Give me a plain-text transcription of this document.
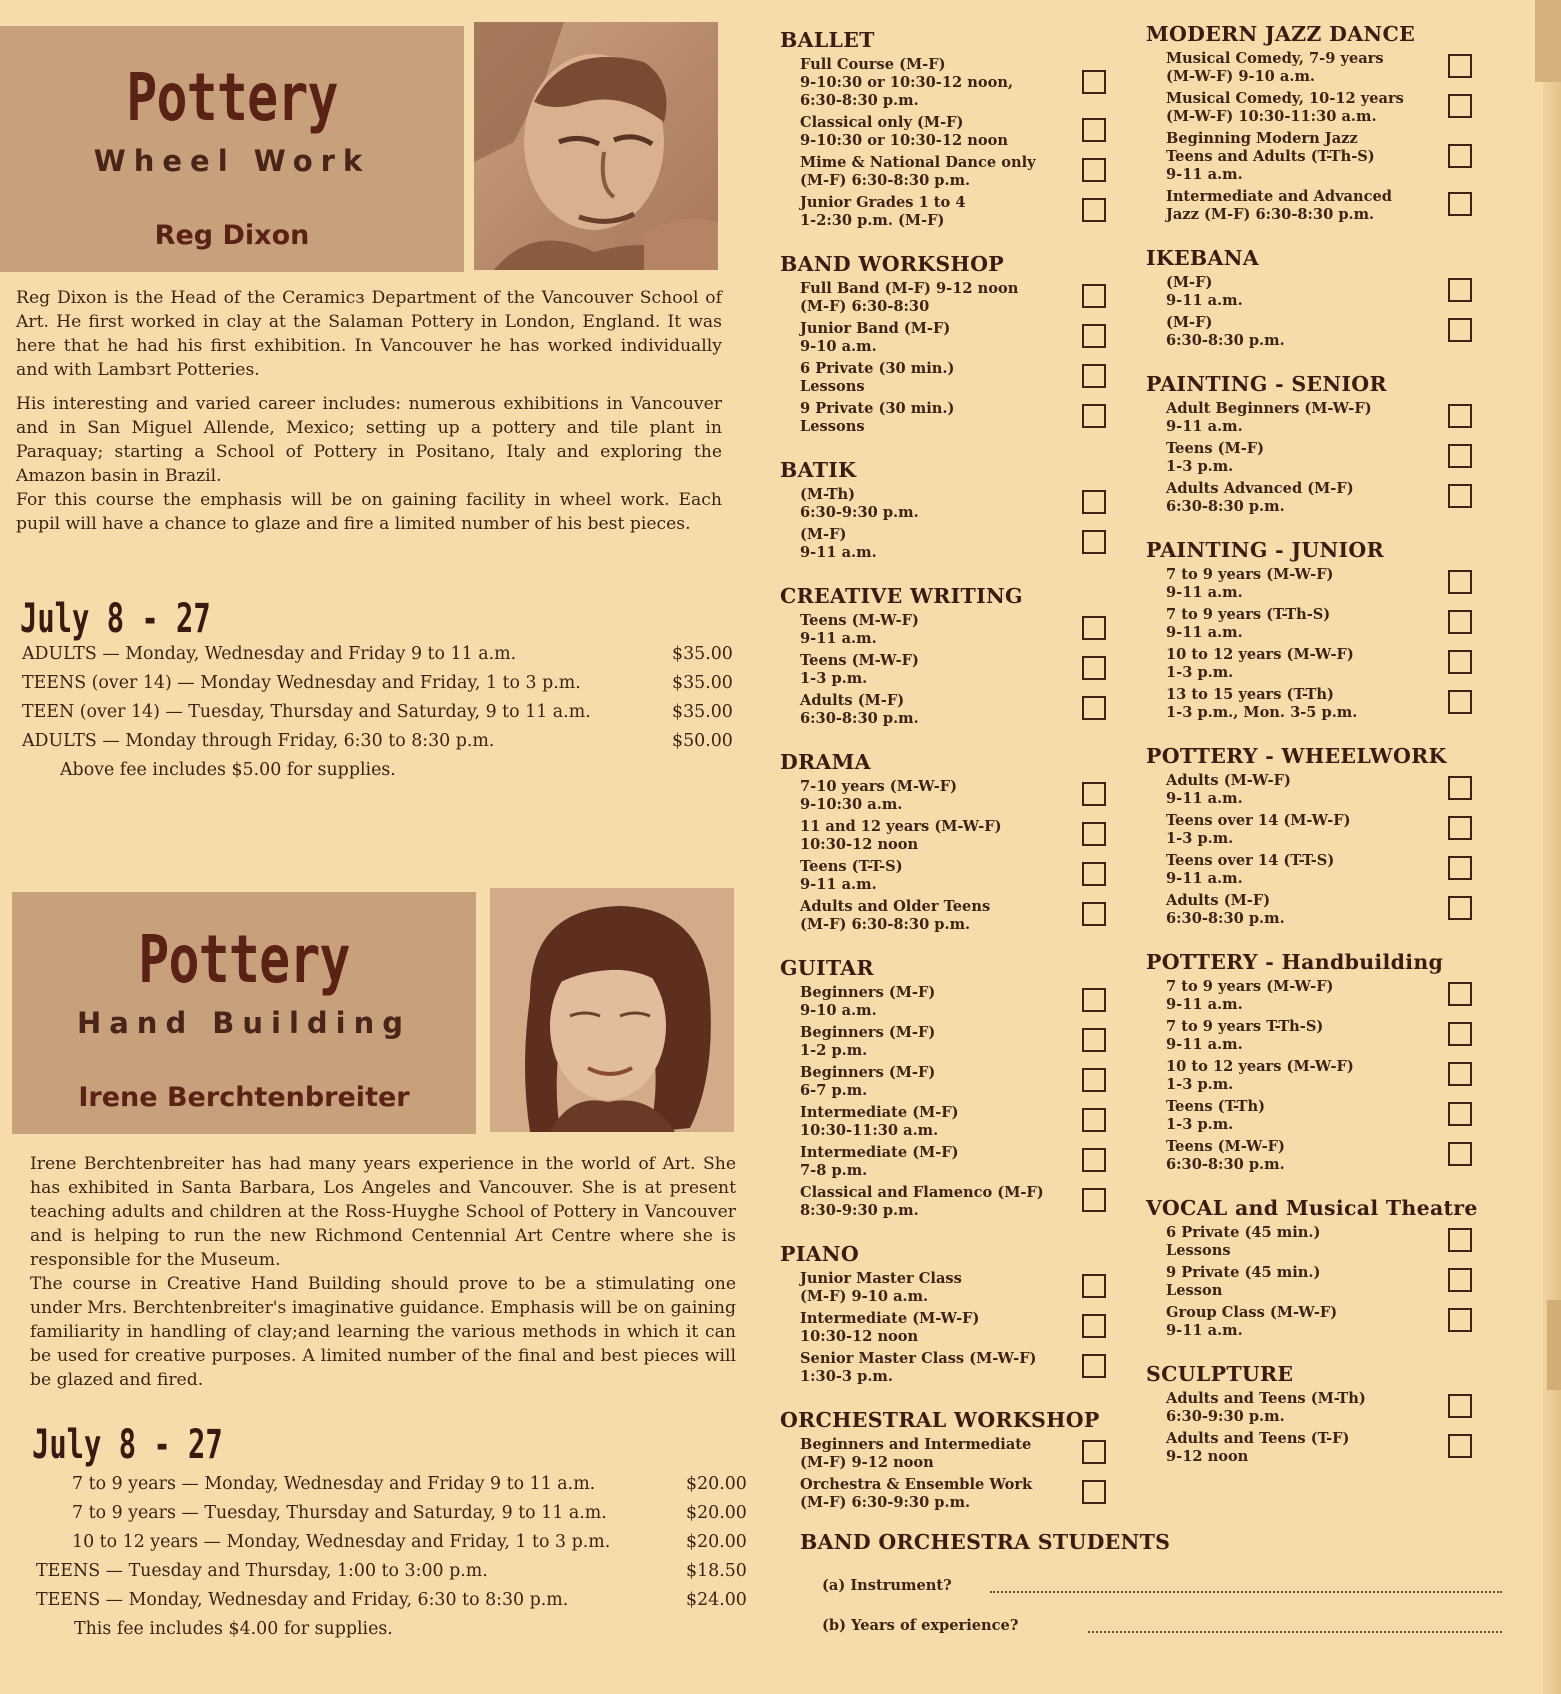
Pottery
Wheel Work
Reg Dixon

Reg Dixon is the Head of the Ceramicз Department of the Vancouver School of Art. He first worked in clay at the Salaman Pottery in London, England. It was here that he had his first exhibition. In Vancouver he has worked individually and with Lambзrt Potteries.

His interesting and varied career includes: numerous exhibitions in Vancouver and in San Miguel Allende, Mexico; setting up a pottery and tile plant in Paraquay; starting a School of Pottery in Positano, Italy and exploring the Amazon basin in Brazil.

For this course the emphasis will be on gaining facility in wheel work. Each pupil will have a chance to glaze and fire a limited number of his best pieces.

July 8 - 27
ADULTS — Monday, Wednesday and Friday 9 to 11 a.m.	$35.00
TEENS (over 14) — Monday Wednesday and Friday, 1 to 3 p.m.	$35.00
TEEN (over 14) — Tuesday, Thursday and Saturday, 9 to 11 a.m.	$35.00
ADULTS — Monday through Friday, 6:30 to 8:30 p.m.	$50.00
Above fee includes $5.00 for supplies.
Pottery
Hand Building
Irene Berchtenbreiter

Irene Berchtenbreiter has had many years experience in the world of Art. She has exhibited in Santa Barbara, Los Angeles and Vancouver. She is at present teaching adults and children at the Ross-Huyghe School of Pottery in Vancouver and is helping to run the new Richmond Centennial Art Centre where she is responsible for the Museum.

The course in Creative Hand Building should prove to be a stimulating one under Mrs. Berchtenbreiter's imaginative guidance. Emphasis will be on gaining familiarity in handling of clay;and learning the various methods in which it can be used for creative purposes. A limited number of the final and best pieces will be glazed and fired.

July 8 - 27
7 to 9 years — Monday, Wednesday and Friday 9 to 11 a.m.	$20.00
7 to 9 years — Tuesday, Thursday and Saturday, 9 to 11 a.m.	$20.00
10 to 12 years — Monday, Wednesday and Friday, 1 to 3 p.m.	$20.00
TEENS — Tuesday and Thursday, 1:00 to 3:00 p.m.	$18.50
TEENS — Monday, Wednesday and Friday, 6:30 to 8:30 p.m.	$24.00
This fee includes $4.00 for supplies.
BALLET
Full Course (M-F)
9-10:30 or 10:30-12 noon,
6:30-8:30 p.m.
Classical only (M-F)
9-10:30 or 10:30-12 noon
Mime & National Dance only
(M-F) 6:30-8:30 p.m.
Junior Grades 1 to 4
1-2:30 p.m. (M-F)
BAND WORKSHOP
Full Band (M-F) 9-12 noon
(M-F) 6:30-8:30
Junior Band (M-F)
9-10 a.m.
6 Private (30 min.)
Lessons
9 Private (30 min.)
Lessons
BATIK
(M-Th)
6:30-9:30 p.m.
(M-F)
9-11 a.m.
CREATIVE WRITING
Teens (M-W-F)
9-11 a.m.
Teens (M-W-F)
1-3 p.m.
Adults (M-F)
6:30-8:30 p.m.
DRAMA
7-10 years (M-W-F)
9-10:30 a.m.
11 and 12 years (M-W-F)
10:30-12 noon
Teens (T-T-S)
9-11 a.m.
Adults and Older Teens
(M-F) 6:30-8:30 p.m.
GUITAR
Beginners (M-F)
9-10 a.m.
Beginners (M-F)
1-2 p.m.
Beginners (M-F)
6-7 p.m.
Intermediate (M-F)
10:30-11:30 a.m.
Intermediate (M-F)
7-8 p.m.
Classical and Flamenco (M-F)
8:30-9:30 p.m.
PIANO
Junior Master Class
(M-F) 9-10 a.m.
Intermediate (M-W-F)
10:30-12 noon
Senior Master Class (M-W-F)
1:30-3 p.m.
ORCHESTRAL WORKSHOP
Beginners and Intermediate
(M-F) 9-12 noon
Orchestra & Ensemble Work
(M-F) 6:30-9:30 p.m.
MODERN JAZZ DANCE
Musical Comedy, 7-9 years
(M-W-F) 9-10 a.m.
Musical Comedy, 10-12 years
(M-W-F) 10:30-11:30 a.m.
Beginning Modern Jazz
Teens and Adults (T-Th-S)
9-11 a.m.
Intermediate and Advanced
Jazz (M-F) 6:30-8:30 p.m.
IKEBANA
(M-F)
9-11 a.m.
(M-F)
6:30-8:30 p.m.
PAINTING - SENIOR
Adult Beginners (M-W-F)
9-11 a.m.
Teens (M-F)
1-3 p.m.
Adults Advanced (M-F)
6:30-8:30 p.m.
PAINTING - JUNIOR
7 to 9 years (M-W-F)
9-11 a.m.
7 to 9 years (T-Th-S)
9-11 a.m.
10 to 12 years (M-W-F)
1-3 p.m.
13 to 15 years (T-Th)
1-3 p.m., Mon. 3-5 p.m.
POTTERY - WHEELWORK
Adults (M-W-F)
9-11 a.m.
Teens over 14 (M-W-F)
1-3 p.m.
Teens over 14 (T-T-S)
9-11 a.m.
Adults (M-F)
6:30-8:30 p.m.
POTTERY - Handbuilding
7 to 9 years (M-W-F)
9-11 a.m.
7 to 9 years T-Th-S)
9-11 a.m.
10 to 12 years (M-W-F)
1-3 p.m.
Teens (T-Th)
1-3 p.m.
Teens (M-W-F)
6:30-8:30 p.m.
VOCAL and Musical Theatre
6 Private (45 min.)
Lessons
9 Private (45 min.)
Lesson
Group Class (M-W-F)
9-11 a.m.
SCULPTURE
Adults and Teens (M-Th)
6:30-9:30 p.m.
Adults and Teens (T-F)
9-12 noon
BAND ORCHESTRA STUDENTS
(a) Instrument?
(b) Years of experience?
